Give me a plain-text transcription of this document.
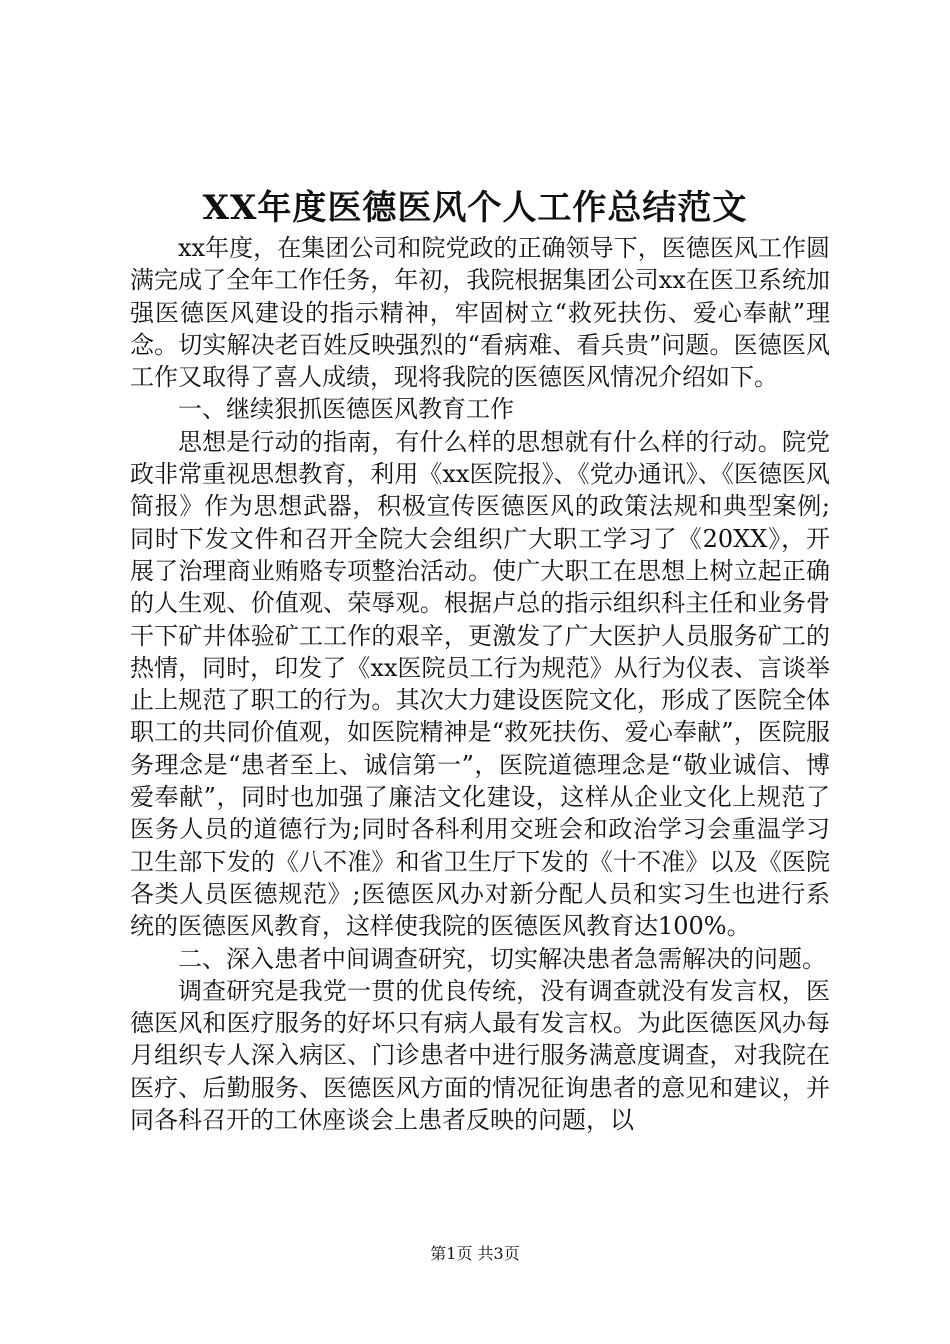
XX年度医德医风个人工作总结范文

xx年度，在集团公司和院党政的正确领导下，医德医风工作圆满完成了全年工作任务，年初，我院根据集团公司xx在医卫系统加强医德医风建设的指示精神，牢固树立“救死扶伤、爱心奉献”理念。切实解决老百姓反映强烈的“看病难、看兵贵”问题。医德医风工作又取得了喜人成绩，现将我院的医德医风情况介绍如下。

一、继续狠抓医德医风教育工作

思想是行动的指南，有什么样的思想就有什么样的行动。院党政非常重视思想教育，利用《xx医院报》、《党办通讯》、《医德医风简报》作为思想武器，积极宣传医德医风的政策法规和典型案例;同时下发文件和召开全院大会组织广大职工学习了《20XX》，开展了治理商业贿赂专项整治活动。使广大职工在思想上树立起正确的人生观、价值观、荣辱观。根据卢总的指示组织科主任和业务骨干下矿井体验矿工工作的艰辛，更激发了广大医护人员服务矿工的热情，同时，印发了《xx医院员工行为规范》从行为仪表、言谈举止上规范了职工的行为。其次大力建设医院文化，形成了医院全体职工的共同价值观，如医院精神是“救死扶伤、爱心奉献”，医院服务理念是“患者至上、诚信第一”，医院道德理念是“敬业诚信、博爱奉献”，同时也加强了廉洁文化建设，这样从企业文化上规范了医务人员的道德行为;同时各科利用交班会和政治学习会重温学习卫生部下发的《八不准》和省卫生厅下发的《十不准》以及《医院各类人员医德规范》;医德医风办对新分配人员和实习生也进行系统的医德医风教育，这样使我院的医德医风教育达100%。

二、深入患者中间调查研究，切实解决患者急需解决的问题。

调查研究是我党一贯的优良传统，没有调查就没有发言权，医德医风和医疗服务的好坏只有病人最有发言权。为此医德医风办每月组织专人深入病区、门诊患者中进行服务满意度调查，对我院在医疗、后勤服务、医德医风方面的情况征询患者的意见和建议，并同各科召开的工休座谈会上患者反映的问题，以

第1页 共3页
